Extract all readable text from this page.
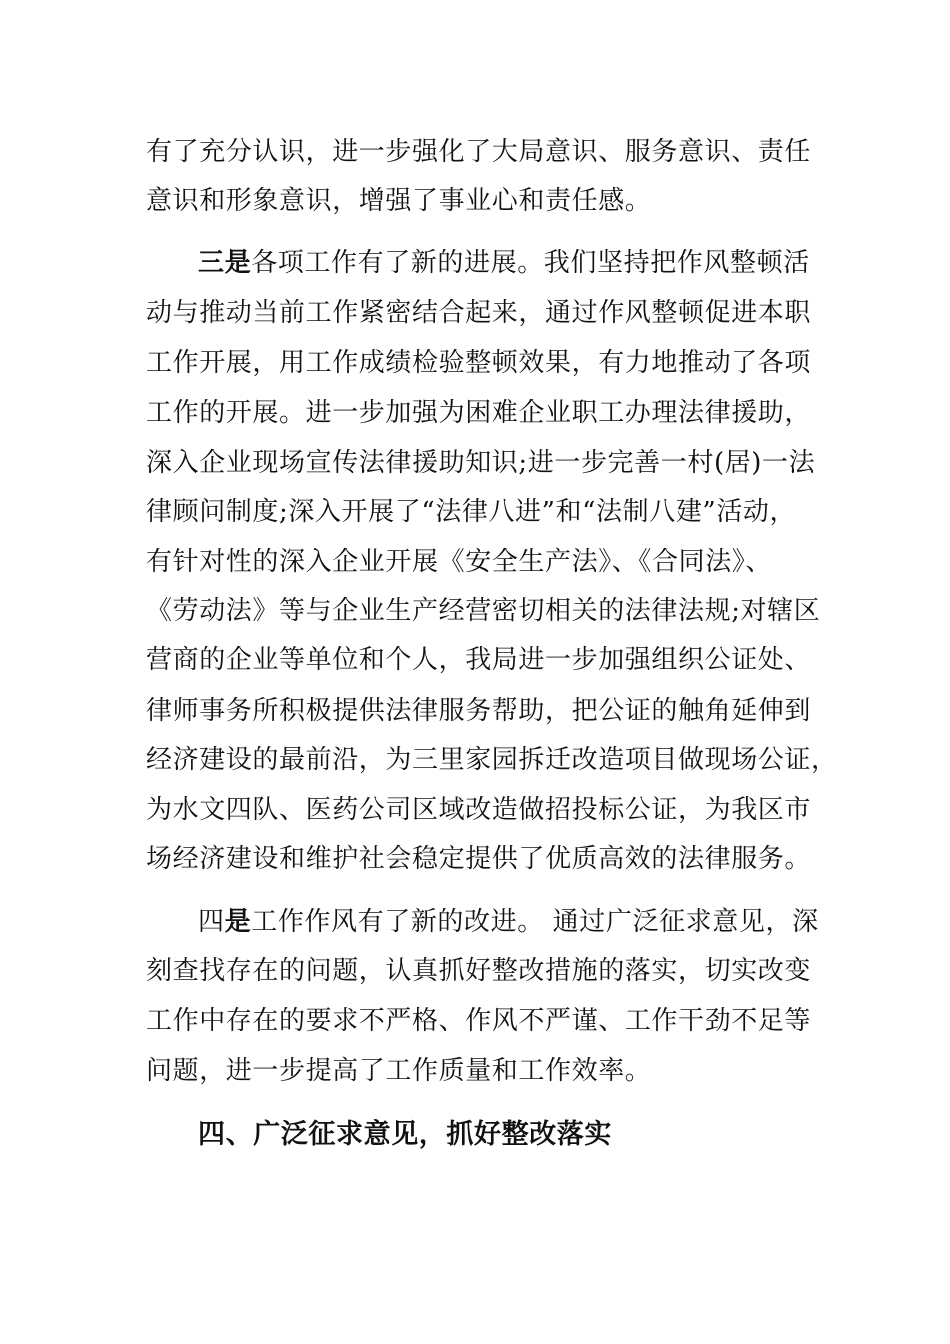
有了充分认识，进一步强化了大局意识、服务意识、责任
意识和形象意识，增强了事业心和责任感。
三是各项工作有了新的进展。我们坚持把作风整顿活
动与推动当前工作紧密结合起来，通过作风整顿促进本职
工作开展，用工作成绩检验整顿效果，有力地推动了各项
工作的开展。进一步加强为困难企业职工办理法律援助，
深入企业现场宣传法律援助知识;进一步完善一村(居)一法
律顾问制度;深入开展了“法律八进”和“法制八建”活动，
有针对性的深入企业开展《安全生产法》、《合同法》、
《劳动法》等与企业生产经营密切相关的法律法规;对辖区
营商的企业等单位和个人，我局进一步加强组织公证处、
律师事务所积极提供法律服务帮助，把公证的触角延伸到
经济建设的最前沿，为三里家园拆迁改造项目做现场公证，
为水文四队、医药公司区域改造做招投标公证，为我区市
场经济建设和维护社会稳定提供了优质高效的法律服务。
四是工作作风有了新的改进。 通过广泛征求意见，深
刻查找存在的问题，认真抓好整改措施的落实，切实改变
工作中存在的要求不严格、作风不严谨、工作干劲不足等
问题，进一步提高了工作质量和工作效率。
四、广泛征求意见，抓好整改落实
